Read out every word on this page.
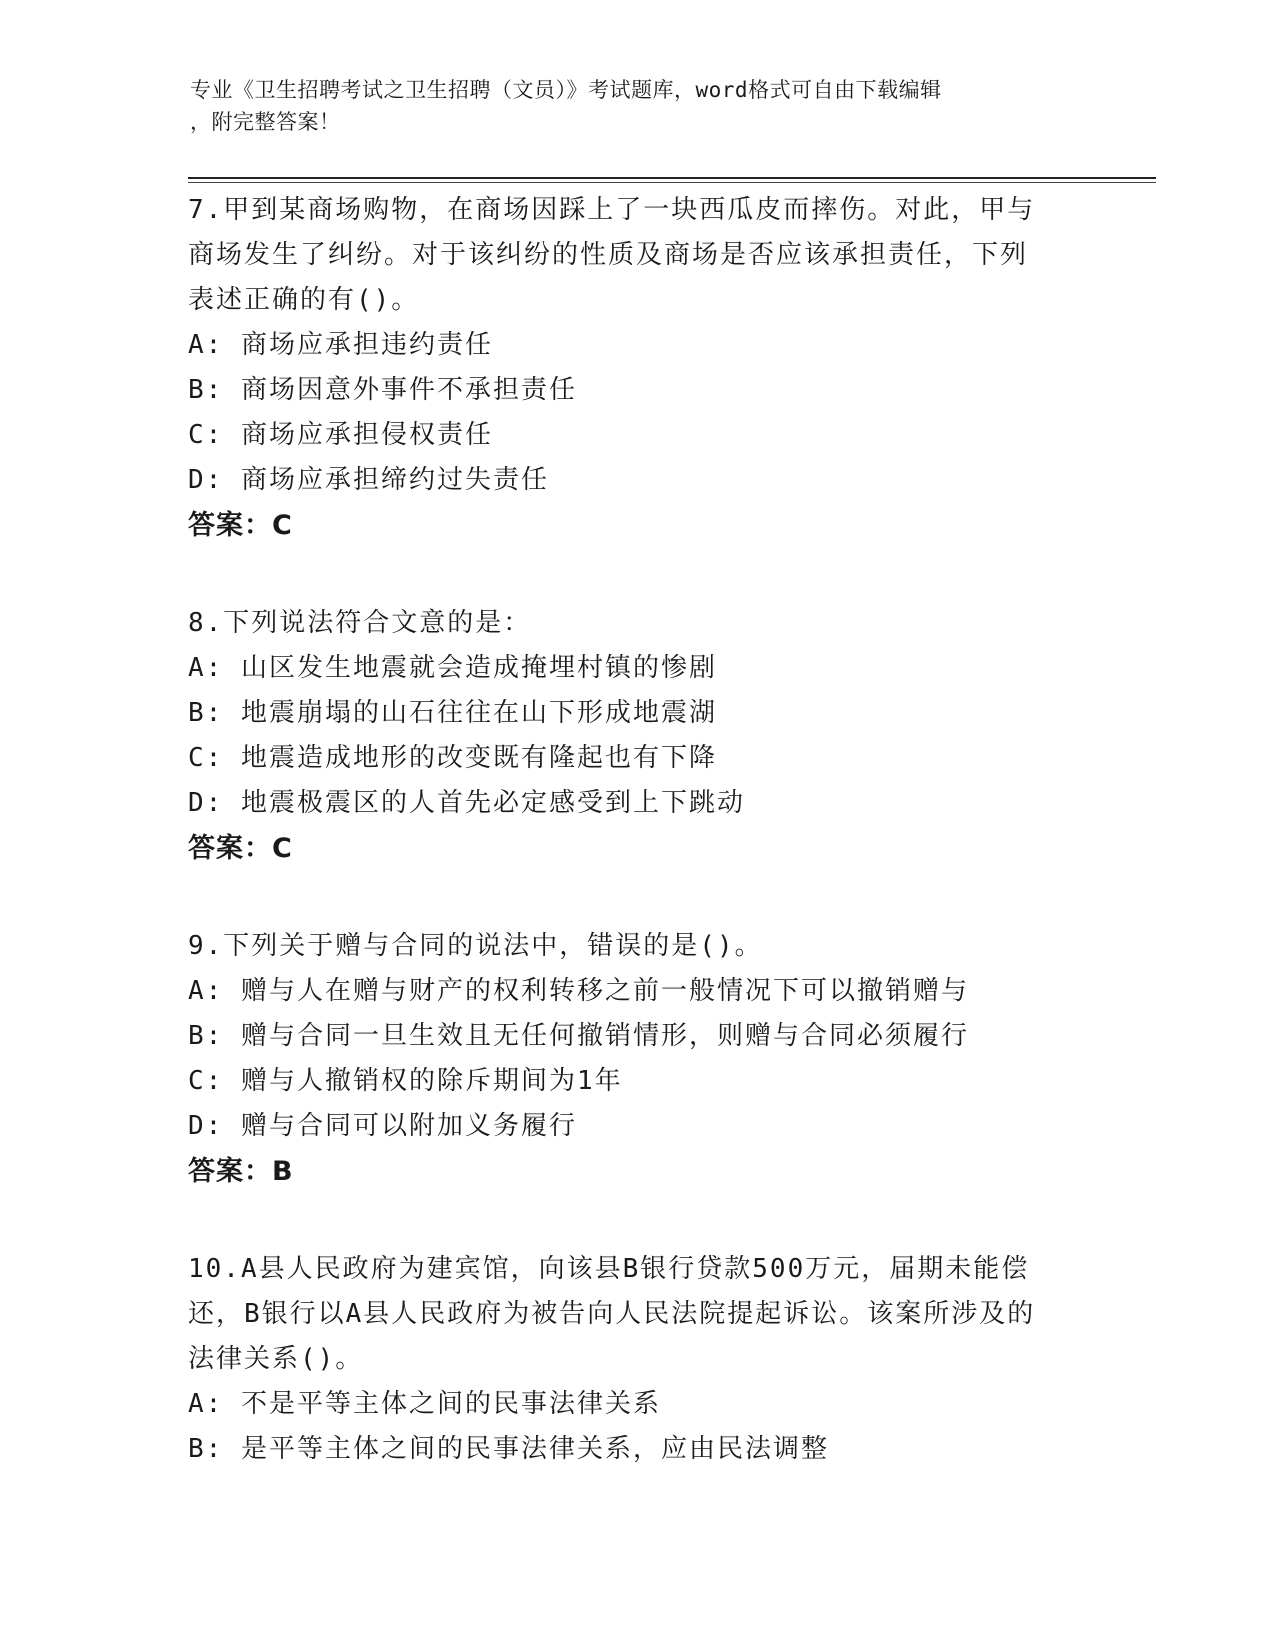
专业《卫生招聘考试之卫生招聘（文员）》考试题库，word格式可自由下载编辑
，附完整答案！
7.甲到某商场购物，在商场因踩上了一块西瓜皮而摔伤。对此，甲与
商场发生了纠纷。对于该纠纷的性质及商场是否应该承担责任，下列
表述正确的有()。
A: 商场应承担违约责任
B: 商场因意外事件不承担责任
C: 商场应承担侵权责任
D: 商场应承担缔约过失责任
答案：C
8.下列说法符合文意的是：
A: 山区发生地震就会造成掩埋村镇的惨剧
B: 地震崩塌的山石往往在山下形成地震湖
C: 地震造成地形的改变既有隆起也有下降
D: 地震极震区的人首先必定感受到上下跳动
答案：C
9.下列关于赠与合同的说法中，错误的是()。
A: 赠与人在赠与财产的权利转移之前一般情况下可以撤销赠与
B: 赠与合同一旦生效且无任何撤销情形，则赠与合同必须履行
C: 赠与人撤销权的除斥期间为1年
D: 赠与合同可以附加义务履行
答案：B
10.A县人民政府为建宾馆，向该县B银行贷款500万元，届期未能偿
还，B银行以A县人民政府为被告向人民法院提起诉讼。该案所涉及的
法律关系()。
A: 不是平等主体之间的民事法律关系
B: 是平等主体之间的民事法律关系，应由民法调整
